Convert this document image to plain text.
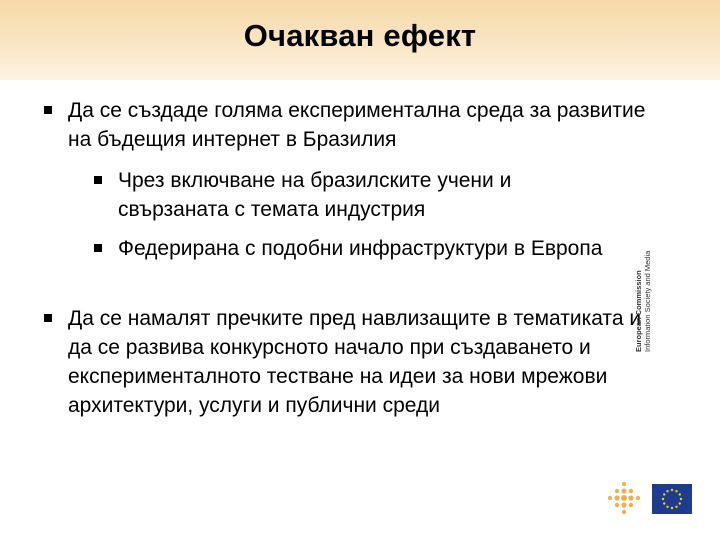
Очакван ефект
Да се създаде голяма експериментална среда за развитие на бъдещия интернет в Бразилия
Чрез включване на бразилските учени и свързаната с темата индустрия
Федерирана с подобни инфраструктури в Европа
Да се намалят пречките пред навлизащите в тематиката и да се развива конкурсното начало при създаването и експерименталното тестване на идеи за нови мрежови архитектури, услуги и публични среди
European Commission Information Society and Media
